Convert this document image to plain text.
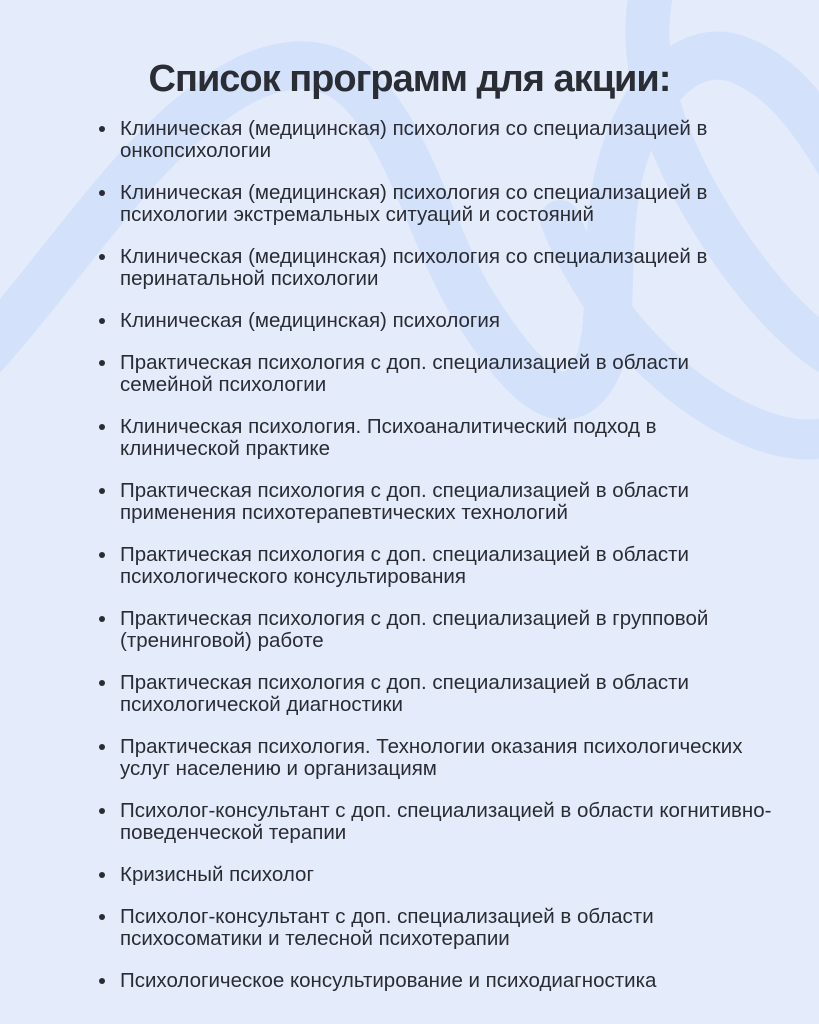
Список программ для акции:
Клиническая (медицинская) психология со специализацией в онкопсихологии
Клиническая (медицинская) психология со специализацией в психологии экстремальных ситуаций и состояний
Клиническая (медицинская) психология со специализацией в перинатальной психологии
Клиническая (медицинская) психология
Практическая психология с доп. специализацией в области семейной психологии
Клиническая психология. Психоаналитический подход в клинической практике
Практическая психология с доп. специализацией в области применения психотерапевтических технологий
Практическая психология с доп. специализацией в области психологического консультирования
Практическая психология с доп. специализацией в групповой (тренинговой) работе
Практическая психология с доп. специализацией в области психологической диагностики
Практическая психология. Технологии оказания психологических услуг населению и организациям
Психолог-консультант с доп. специализацией в области когнитивно-поведенческой терапии
Кризисный психолог
Психолог-консультант с доп. специализацией в области психосоматики и телесной психотерапии
Психологическое консультирование и психодиагностика
